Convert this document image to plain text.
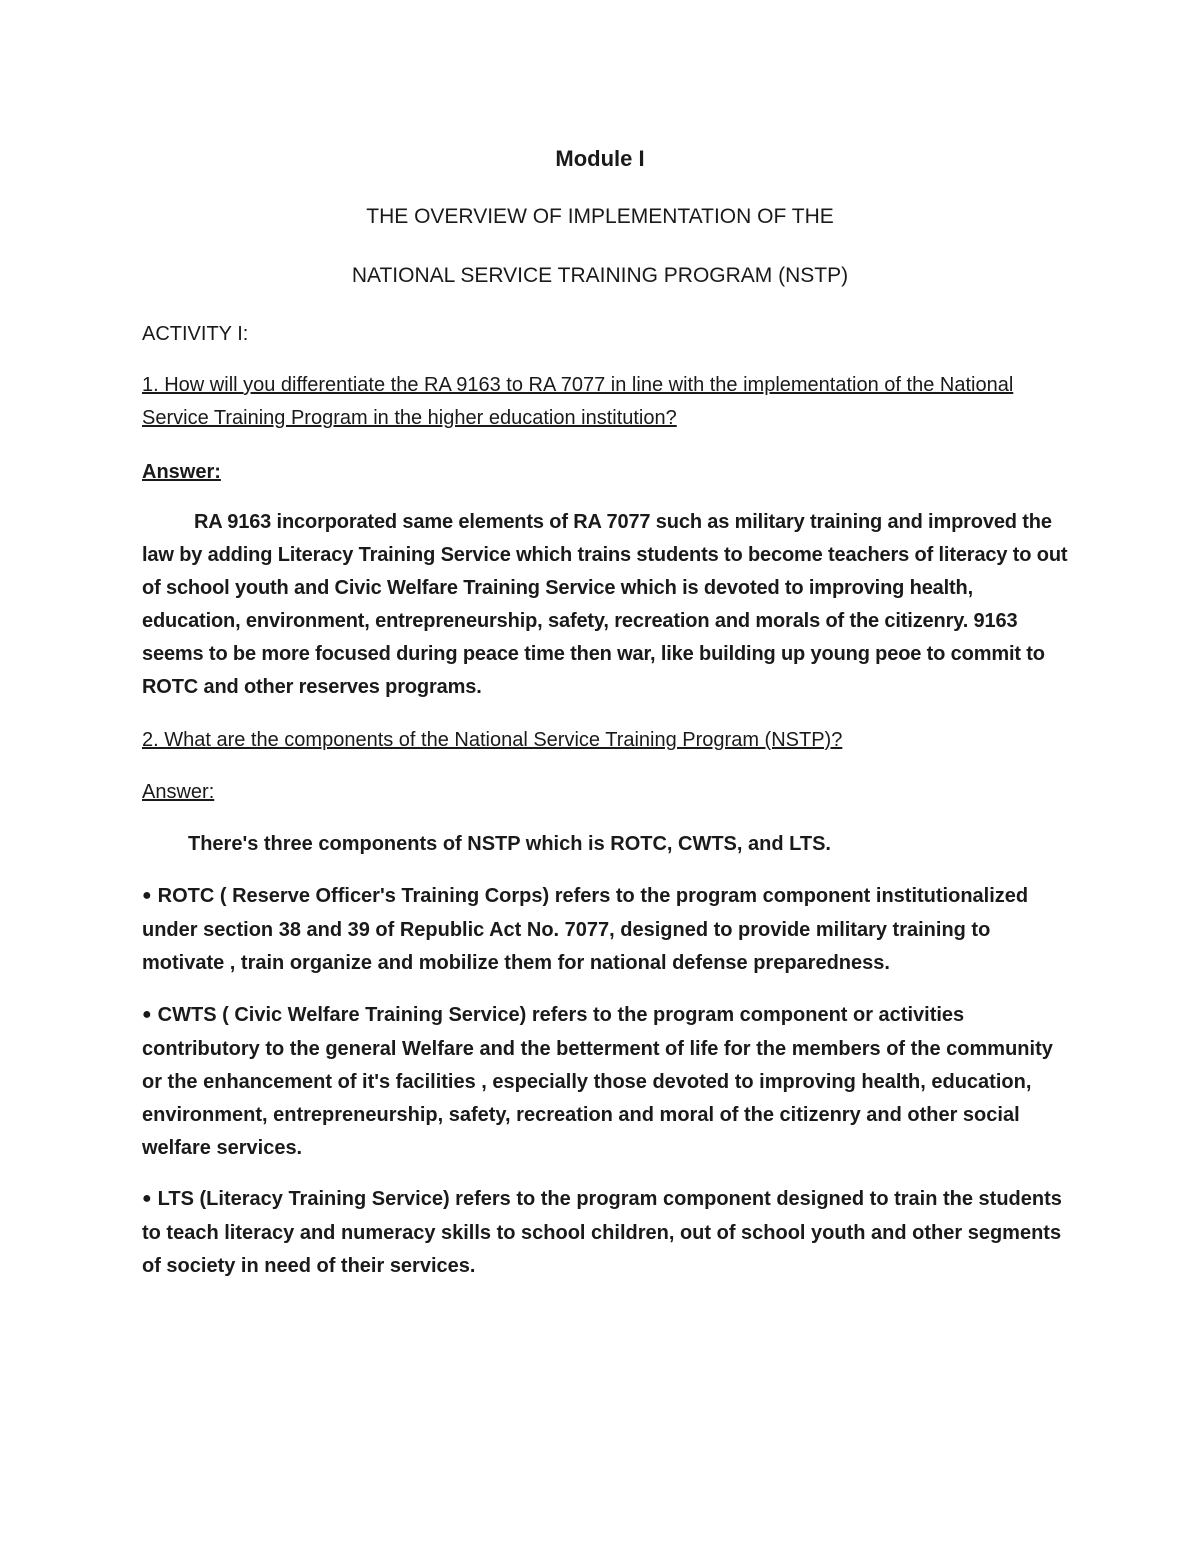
Module I

THE OVERVIEW OF IMPLEMENTATION OF THE

NATIONAL SERVICE TRAINING PROGRAM (NSTP)

ACTIVITY I:

1. How will you differentiate the RA 9163 to RA 7077 in line with the implementation of the National Service Training Program in the higher education institution?

Answer:

RA 9163 incorporated same elements of RA 7077 such as military training and improved the law by adding Literacy Training Service which trains students to become teachers of literacy to out of school youth and Civic Welfare Training Service which is devoted to improving health, education, environment, entrepreneurship, safety, recreation and morals of the citizenry. 9163 seems to be more focused during peace time then war, like building up young peoe to commit to ROTC and other reserves programs.

2. What are the components of the National Service Training Program (NSTP)?

Answer:

There's three components of NSTP which is ROTC, CWTS, and LTS.

● ROTC ( Reserve Officer's Training Corps) refers to the program component institutionalized under section 38 and 39 of Republic Act No. 7077, designed to provide military training to motivate , train organize and mobilize them for national defense preparedness.

● CWTS ( Civic Welfare Training Service) refers to the program component or activities contributory to the general Welfare and the betterment of life for the members of the community or the enhancement of it's facilities , especially those devoted to improving health, education, environment, entrepreneurship, safety, recreation and moral of the citizenry and other social welfare services.

● LTS (Literacy Training Service) refers to the program component designed to train the students to teach literacy and numeracy skills to school children, out of school youth and other segments of society in need of their services.
